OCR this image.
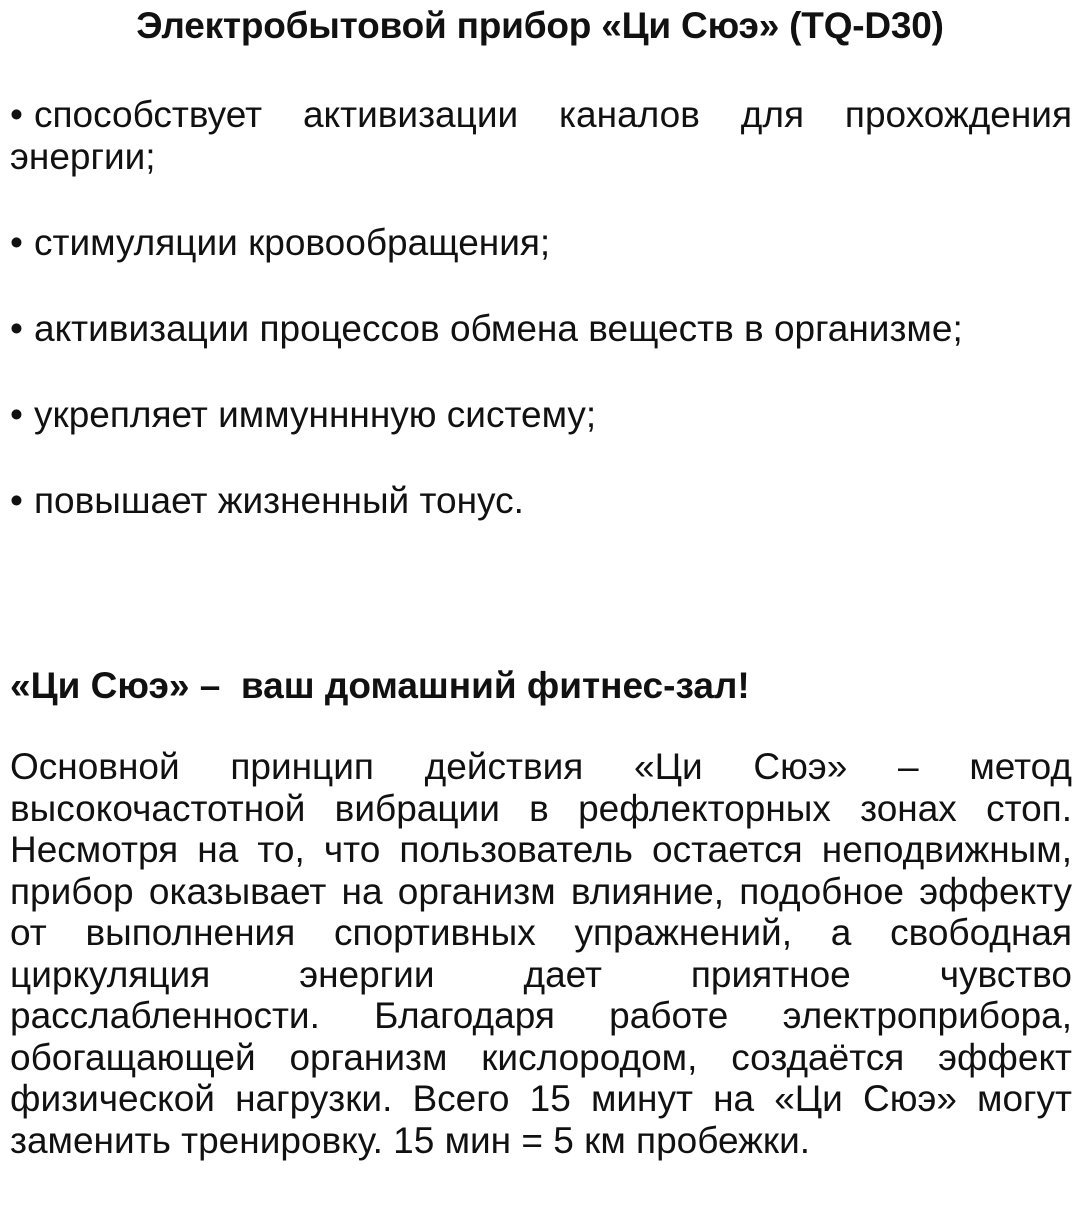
Электробытовой прибор «Ци Сюэ» (TQ-D30)
• способствует активизации каналов для прохождения энергии;
• стимуляции кровообращения;
• активизации процессов обмена веществ в организме;
• укрепляет иммунннную систему;
• повышает жизненный тонус.
«Ци Сюэ» –  ваш домашний фитнес-зал!

Основной принцип действия «Ци Сюэ» – метод высокочастотной вибрации в рефлекторных зонах стоп. Несмотря на то, что пользователь остается неподвижным, прибор оказывает на организм влияние, подобное эффекту от выполнения спортивных упражнений, а свободная циркуляция энергии дает приятное чувство расслабленности. Благодаря работе электроприбора, обогащающей организм кислородом, создаётся эффект физической нагрузки. Всего 15 минут на «Ци Сюэ» могут заменить тренировку. 15 мин = 5 км пробежки.
